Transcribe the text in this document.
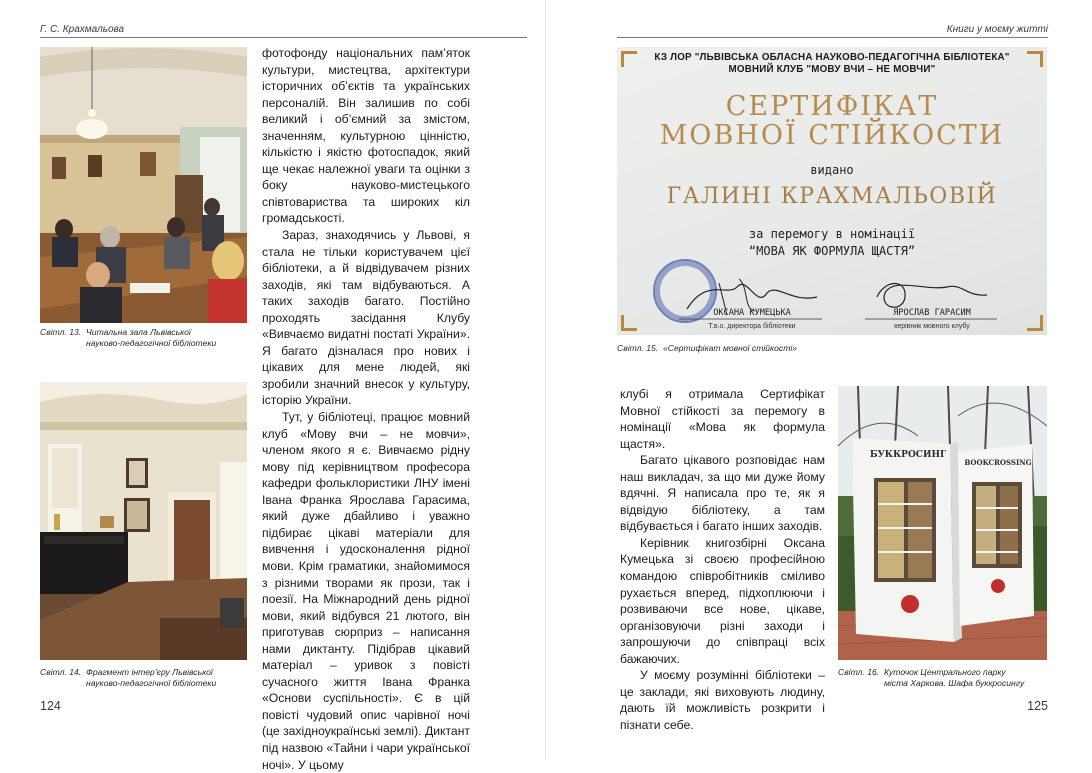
Г. С. Крахмальова
Світл. 13. Читальна зала Львівської
науково-педагогічної бібліотеки
Світл. 14. Фрагмент інтер’єру Львівської
науково-педагогічної бібліотеки

фотофонду національних пам’яток культури, мистецтва, архітектури історичних об’єктів та українських персоналій. Він залишив по собі великий і об’ємний за змістом, значенням, культурною цінністю, кількістю і якістю фотоспадок, який ще чекає належної уваги та оцінки з боку науково-мистецького співтовариства та широких кіл громадськості.

Зараз, знаходячись у Львові, я стала не тільки користувачем цієї бібліотеки, а й відвідувачем різних заходів, які там відбуваються. А таких заходів багато. Постійно проходять засідання Клубу «Вивчаємо видатні постаті України». Я багато дізналася про нових і цікавих для мене людей, які зробили значний внесок у культуру, історію України.

Тут, у бібліотеці, працює мовний клуб «Мову вчи – не мовчи», членом якого я є. Вивчаємо рідну мову під керівництвом професора кафедри фольклористики ЛНУ імені Івана Франка Ярослава Гарасима, який дуже дбайливо і уважно підбирає цікаві матеріали для вивчення і удосконалення рідної мови. Крім граматики, знайомимося з різними творами як прози, так і поезії. На Міжнародний день рідної мови, який відбувся 21 лютого, він приготував сюрприз – написання нами диктанту. Підібрав цікавий матеріал – уривок з повісті сучасного життя Івана Франка «Основи суспільності». Є в цій повісті чудовий опис чарівної ночі (це західноукраїнські землі). Диктант під назвою «Тайни і чари української ночі». У цьому

124
Книги у моєму житті
КЗ ЛОР "ЛЬВІВСЬКА ОБЛАСНА НАУКОВО-ПЕДАГОГІЧНА БІБЛІОТЕКА"
МОВНИЙ КЛУБ "МОВУ ВЧИ – НЕ МОВЧИ"
СЕРТИФІКАТ
МОВНОЇ СТІЙКОСТИ
видано
ГАЛИНІ КРАХМАЛЬОВІЙ
за перемогу в номінації
“МОВА ЯК ФОРМУЛА ЩАСТЯ”
ОКСАНА КУМЕЦЬКА
Т.в.о. директора бібліотеки
ЯРОСЛАВ ГАРАСИМ
керівник мовного клубу
Світл. 15. «Сертифікат мовної стійкості»

клубі я отримала Сертифікат Мовної стійкості за перемогу в номінації «Мова як формула щастя».

Багато цікавого розповідає нам наш викладач, за що ми дуже йому вдячні. Я написала про те, як я відвідую бібліотеку, а там відбувається і багато інших заходів.

Керівник книгозбірні Оксана Кумецька зі своєю професійною командою співробітників сміливо рухається вперед, підхоплюючи і розвиваючи все нове, цікаве, організовуючи різні заходи і запрошуючи до співпраці всіх бажаючих.

У моєму розумінні бібліотеки – це заклади, які виховують людину, дають їй можливість розкрити і пізнати себе.

БУККРОСИНГ
BOOKCROSSING
Світл. 16. Куточок Центрального парку
міста Харкова. Шафа буккросингу
125
